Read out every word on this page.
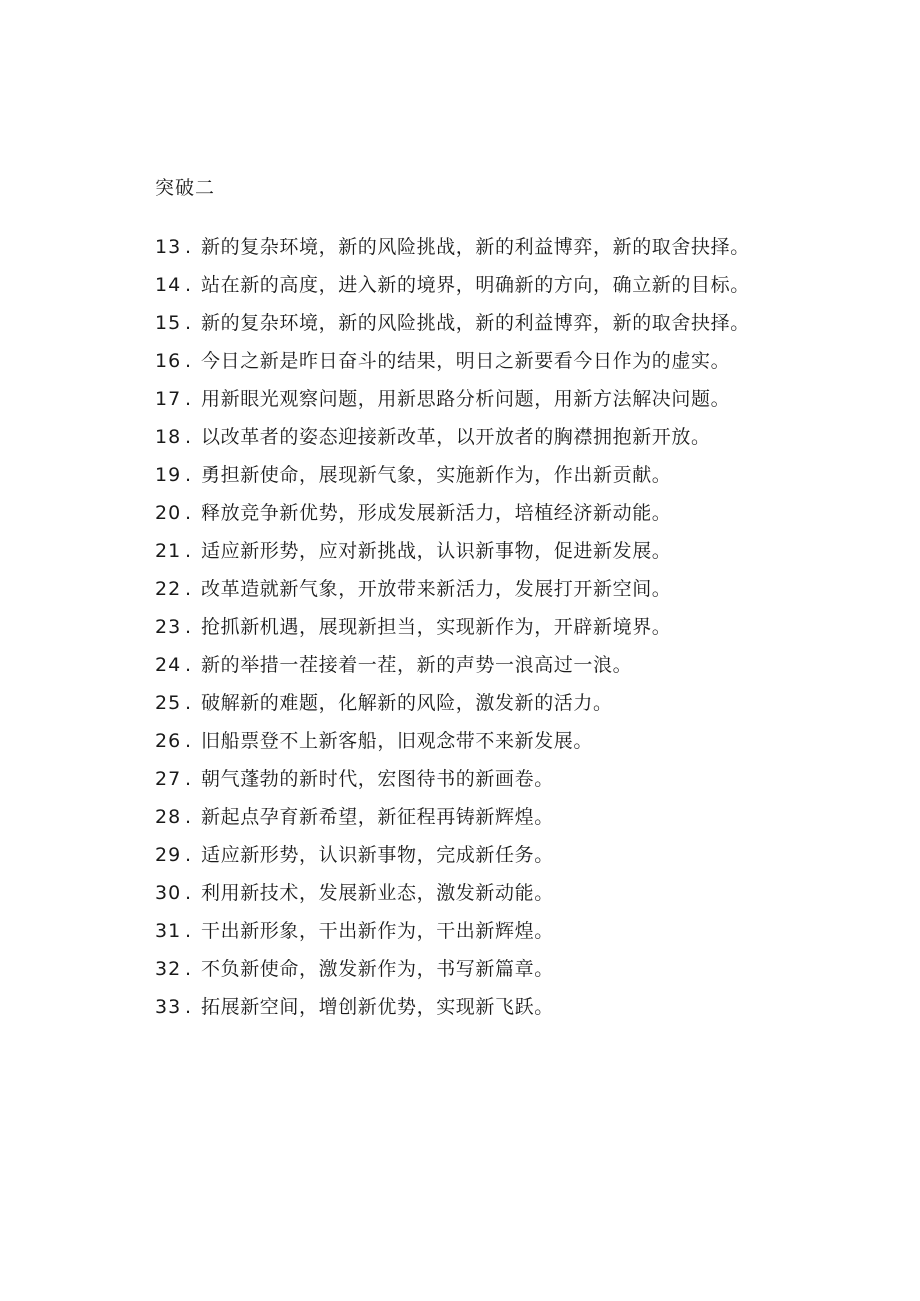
突破二

13 . 新的复杂环境，新的风险挑战，新的利益博弈，新的取舍抉择。

14 . 站在新的高度，进入新的境界，明确新的方向，确立新的目标。

15 . 新的复杂环境，新的风险挑战，新的利益博弈，新的取舍抉择。

16 . 今日之新是昨日奋斗的结果，明日之新要看今日作为的虚实。

17 . 用新眼光观察问题，用新思路分析问题，用新方法解决问题。

18 . 以改革者的姿态迎接新改革，以开放者的胸襟拥抱新开放。

19 . 勇担新使命，展现新气象，实施新作为，作出新贡献。

20 . 释放竞争新优势，形成发展新活力，培植经济新动能。

21 . 适应新形势，应对新挑战，认识新事物，促进新发展。

22 . 改革造就新气象，开放带来新活力，发展打开新空间。

23 . 抢抓新机遇，展现新担当，实现新作为，开辟新境界。

24 . 新的举措一茬接着一茬，新的声势一浪高过一浪。

25 . 破解新的难题，化解新的风险，激发新的活力。

26 . 旧船票登不上新客船，旧观念带不来新发展。

27 . 朝气蓬勃的新时代，宏图待书的新画卷。

28 . 新起点孕育新希望，新征程再铸新辉煌。

29 . 适应新形势，认识新事物，完成新任务。

30 . 利用新技术，发展新业态，激发新动能。

31 . 干出新形象，干出新作为，干出新辉煌。

32 . 不负新使命，激发新作为，书写新篇章。

33 . 拓展新空间，增创新优势，实现新飞跃。
